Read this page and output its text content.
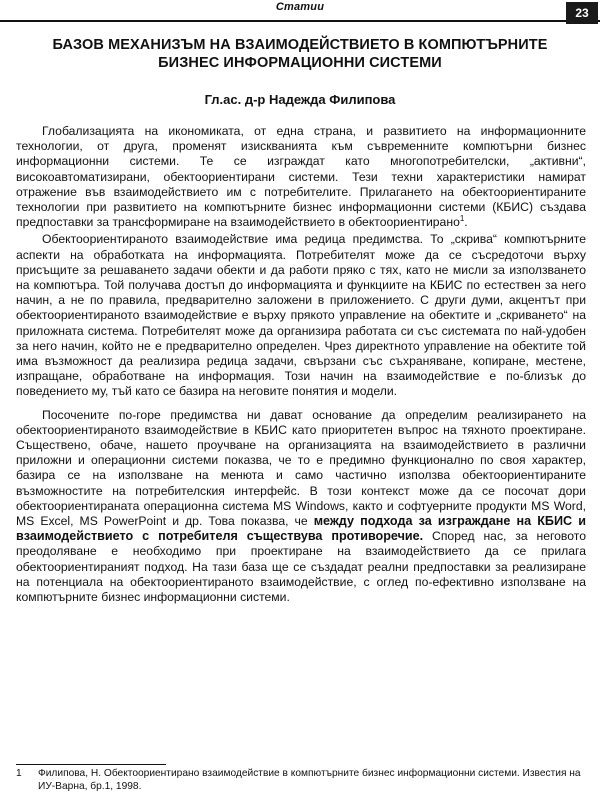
Статии	23
БАЗОВ МЕХАНИЗЪМ НА ВЗАИМОДЕЙСТВИЕТО В КОМПЮТЪРНИТЕ БИЗНЕС ИНФОРМАЦИОННИ СИСТЕМИ

Гл.ас. д-р Надежда Филипова

Глобализацията на икономиката, от една страна, и развитието на информационните технологии, от друга, променят изискванията към съвременните компютърни бизнес информационни системи. Те се изграждат като многопотребителски, „активни“, високоавтоматизирани, обектоориентирани системи. Тези техни характеристики намират отражение във взаимодействието им с потребителите. Прилагането на обектоориентираните технологии при развитието на компютърните бизнес информационни системи (КБИС) създава предпоставки за трансформиране на взаимодействието в обектоориентирано$^1$.

Обектоориентираното взаимодействие има редица предимства. То „скрива“ компютърните аспекти на обработката на информацията. Потребителят може да се съсредоточи върху присъщите за решаването задачи обекти и да работи пряко с тях, като не мисли за използването на компютъра. Той получава достъп до информацията и функциите на КБИС по естествен за него начин, а не по правила, предварително заложени в приложението. С други думи, акцентът при обектоориентираното взаимодействие е върху прякото управление на обектите и „скриването“ на приложната система. Потребителят може да организира работата си със системата по най-удобен за него начин, който не е предварително определен. Чрез директното управление на обектите той има възможност да реализира редица задачи, свързани със съхраняване, копиране, местене, изпращане, обработване на информация. Този начин на взаимодействие е по-близък до поведението му, тъй като се базира на неговите понятия и модели.

Посочените по-горе предимства ни дават основание да определим реализирането на обектоориентираното взаимодействие в КБИС като приоритетен въпрос на тяхното проектиране. Съществено, обаче, нашето проучване на организацията на взаимодействието в различни приложни и операционни системи показва, че то е предимно функционално по своя характер, базира се на използване на менюта и само частично използва обектоориентираните възможностите на потребителския интерфейс. В този контекст може да се посочат дори обектоориентираната операционна система MS Windows, както и софтуерните продукти MS Word, MS Excel, MS PowerPoint и др. Това показва, че между подхода за изграждане на КБИС и взаимодействието с потребителя съществува противоречие. Според нас, за неговото преодоляване е необходимо при проектиране на взаимодействието да се прилага обектоориентираният подход. На тази база ще се създадат реални предпоставки за реализиране на потенциала на обектоориентираното взаимодействие, с оглед по-ефективно използване на компютърните бизнес информационни системи.

1	Филипова, Н. Обектоориентирано взаимодействие в компютърните бизнес информационни системи. Известия на ИУ-Варна, бр.1, 1998.
